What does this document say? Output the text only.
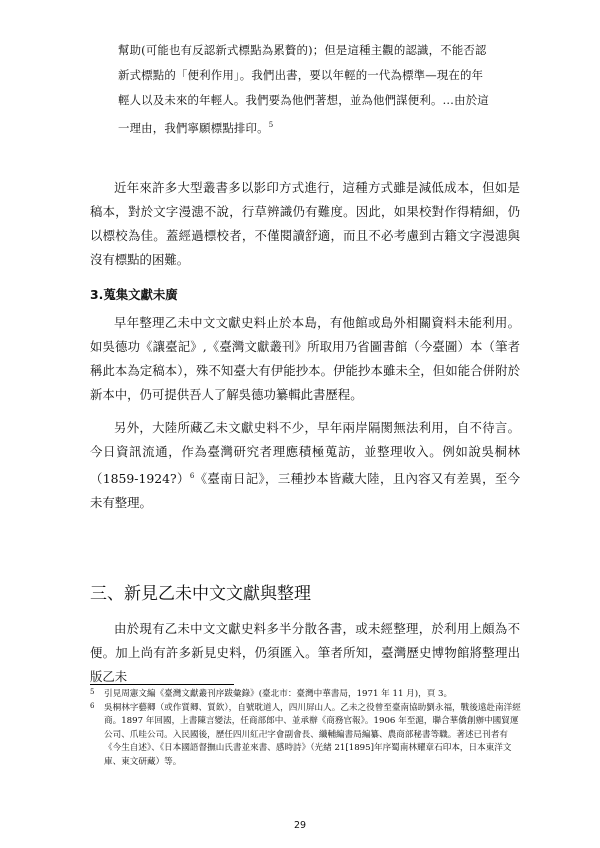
幫助(可能也有反認新式標點為累贅的)；但是這種主觀的認識，不能否認

新式標點的「便利作用」。我們出書，要以年輕的一代為標準—現在的年

輕人以及未來的年輕人。我們要為他們著想，並為他們謀便利。…由於這

一理由，我們寧願標點排印。$^5$

近年來許多大型叢書多以影印方式進行，這種方式雖是減低成本，但如是稿本，對於文字漫漶不說，行草辨識仍有難度。因此，如果校對作得精細，仍以標校為佳。蓋經過標校者，不僅閱讀舒適，而且不必考慮到古籍文字漫漶與沒有標點的困難。

3.蒐集文獻未廣

早年整理乙未中文文獻史料止於本島，有他館或島外相關資料未能利用。如吳德功《讓臺記》,《臺灣文獻叢刊》所取用乃省圖書館（今臺圖）本（筆者稱此本為定稿本），殊不知臺大有伊能抄本。伊能抄本雖未全，但如能合併附於新本中，仍可提供吾人了解吳德功纂輯此書歷程。

另外，大陸所藏乙未文獻史料不少，早年兩岸隔閡無法利用，自不待言。今日資訊流通，作為臺灣研究者理應積極蒐訪，並整理收入。例如說吳桐林（1859-1924?）$^6$《臺南日記》，三種抄本皆藏大陸，且內容又有差異，至今未有整理。

三、新見乙未中文文獻與整理

由於現有乙未中文文獻史料多半分散各書，或未經整理，於利用上頗為不便。加上尚有許多新見史料，仍須匯入。筆者所知，臺灣歷史博物館將整理出版乙未

5 引見周憲文編《臺灣文獻叢刊序跋彙錄》(臺北市：臺灣中華書局，1971 年 11 月)，頁 3。

6 吳桐林字藝卿（或作質卿、質欽），自號耽道人，四川屏山人。乙未之役曾至臺南協助劉永福，戰後遠赴南洋經商。1897 年回國，上書陳言變法，任商部郎中、並承辦《商務官報》。1906 年至滬，聯合華僑創辦中國貿運公司、爪哇公司。入民國後，歷任四川紅卍字會副會長、纖輔編書局編纂、農商部秘書等職。著述已刊者有《今生自述》、《日本國語督撫山氏書並來書、感時詩》（光緒 21[1895]年序蜀南林耀章石印本，日本東洋文庫、東文研藏）等。

29
